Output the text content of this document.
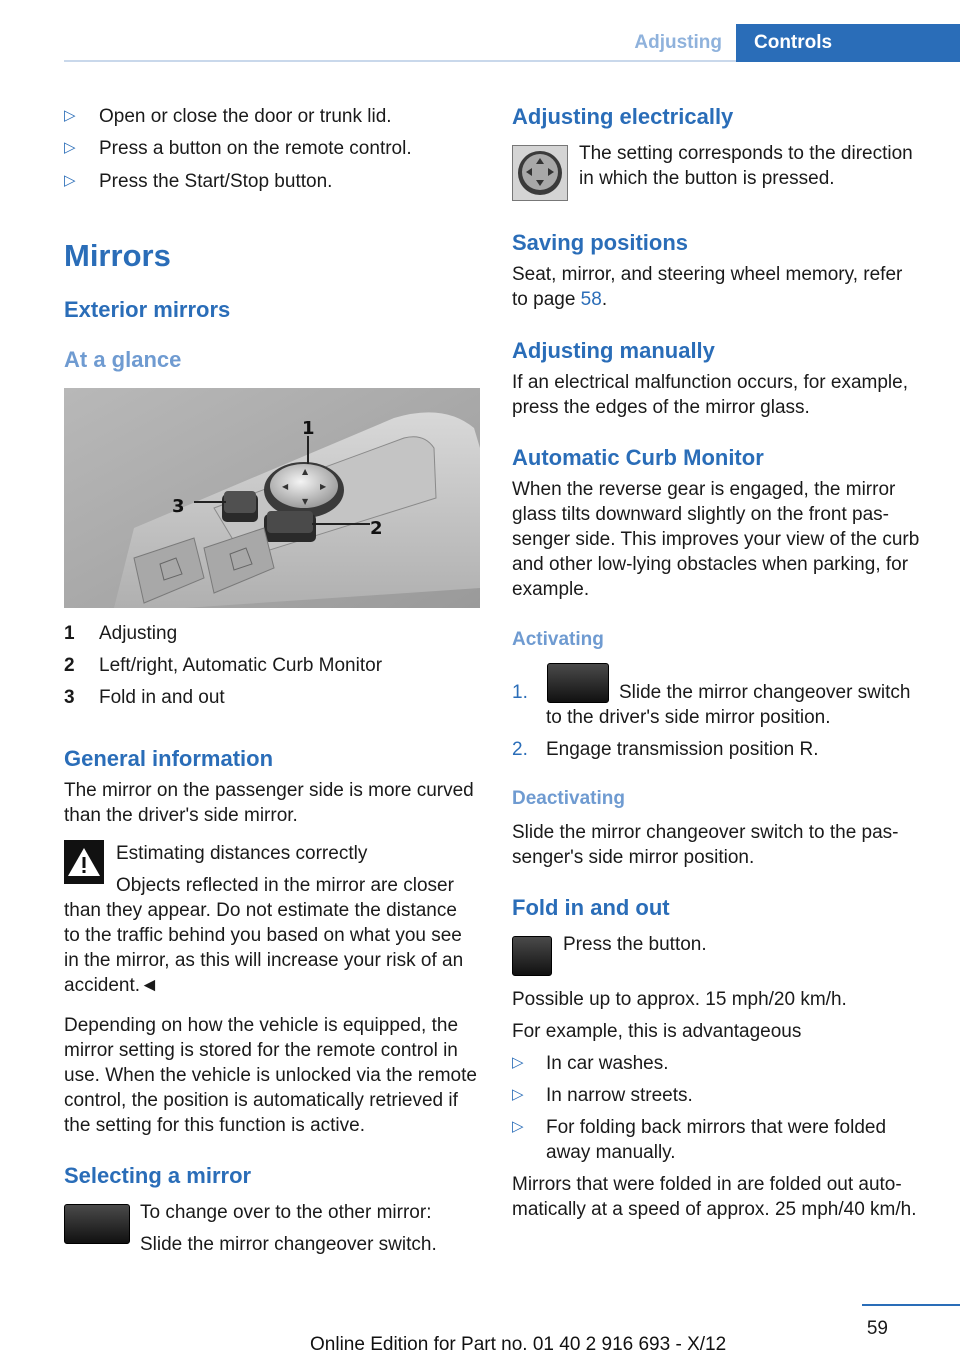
Adjusting	Controls
▷	Open or close the door or trunk lid.
▷	Press a button on the remote control.
▷	Press the Start/Stop button.
Mirrors
Exterior mirrors
At a glance
▲
▼
◀	▶
1
3
2
1 Adjusting
2 Left/right, Automatic Curb Monitor
3 Fold in and out
General information
The mirror on the passenger side is more curved
than the driver's side mirror.
Estimating distances correctly
Objects reflected in the mirror are closer
than they appear. Do not estimate the distance
to the traffic behind you based on what you see
in the mirror, as this will increase your risk of an
accident.◄
Depending on how the vehicle is equipped, the
mirror setting is stored for the remote control in
use. When the vehicle is unlocked via the remote
control, the position is automatically retrieved if
the setting for this function is active.
Selecting a mirror
To change over to the other mirror:
Slide the mirror changeover switch.
Adjusting electrically
The setting corresponds to the direction
in which the button is pressed.
Saving positions
Seat, mirror, and steering wheel memory, refer
to page 58.
Adjusting manually
If an electrical malfunction occurs, for example,
press the edges of the mirror glass.
Automatic Curb Monitor
When the reverse gear is engaged, the mirror
glass tilts downward slightly on the front pas‐
senger side. This improves your view of the curb
and other low-lying obstacles when parking, for
example.
Activating
1.	Slide the mirror changeover switch
to the driver's side mirror position.
2. Engage transmission position R.
Deactivating
Slide the mirror changeover switch to the pas‐
senger's side mirror position.
Fold in and out
Press the button.
Possible up to approx. 15 mph/20 km/h.
For example, this is advantageous
▷	In car washes.
▷	In narrow streets.
▷	For folding back mirrors that were folded
away manually.
Mirrors that were folded in are folded out auto‐
matically at a speed of approx. 25 mph/40 km/h.
59
Online Edition for Part no. 01 40 2 916 693 - X/12
